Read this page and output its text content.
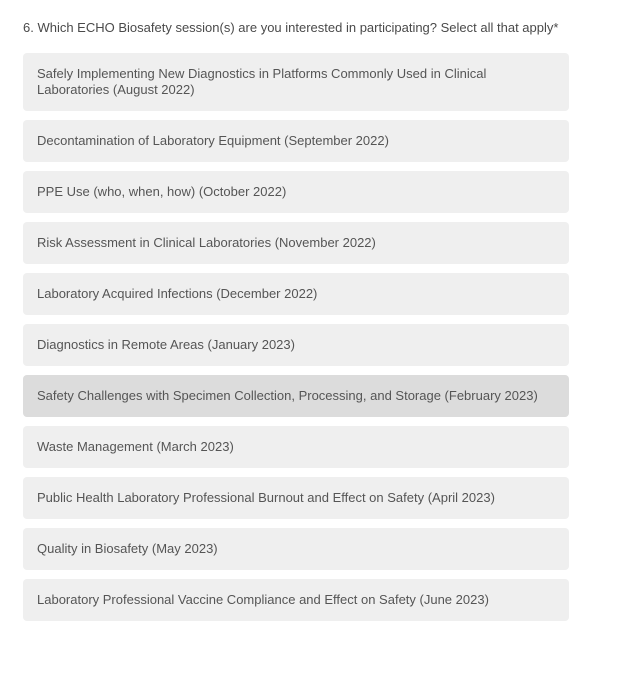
6. Which ECHO Biosafety session(s) are you interested in participating? Select all that apply*
Safely Implementing New Diagnostics in Platforms Commonly Used in Clinical Laboratories (August 2022)
Decontamination of Laboratory Equipment (September 2022)
PPE Use (who, when, how) (October 2022)
Risk Assessment in Clinical Laboratories (November 2022)
Laboratory Acquired Infections (December 2022)
Diagnostics in Remote Areas (January 2023)
Safety Challenges with Specimen Collection, Processing, and Storage (February 2023)
Waste Management (March 2023)
Public Health Laboratory Professional Burnout and Effect on Safety (April 2023)
Quality in Biosafety (May 2023)
Laboratory Professional Vaccine Compliance and Effect on Safety (June 2023)
